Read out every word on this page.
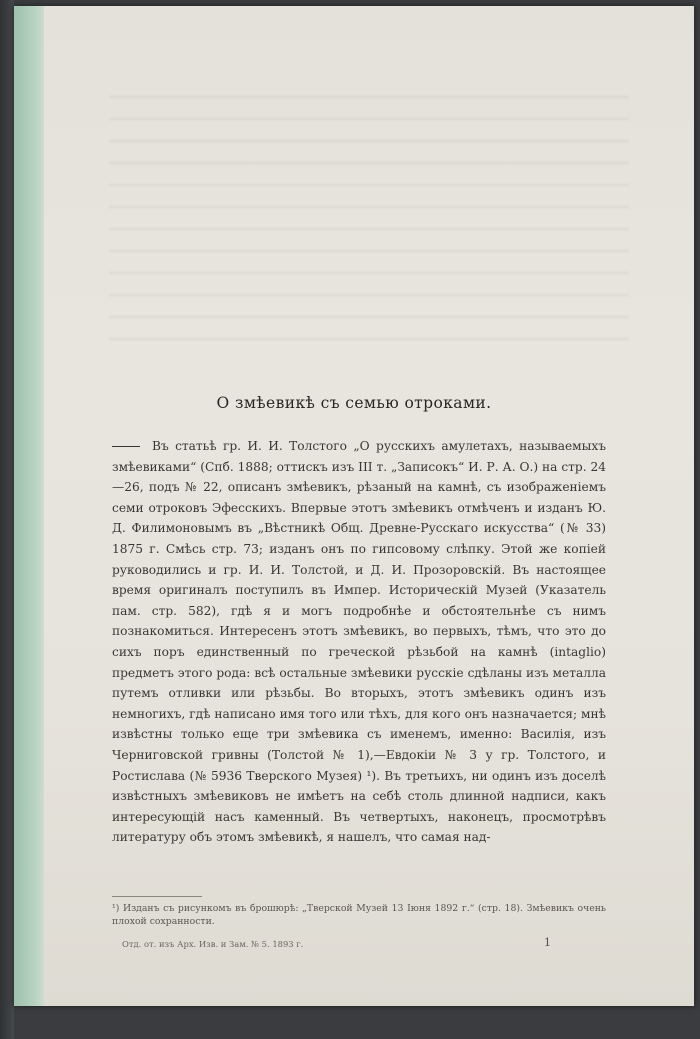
О змѣевикѣ съ семью отроками.
Въ статьѣ гр. И. И. Толстого „О русскихъ амулетахъ, называемыхъ змѣевиками“ (Спб. 1888; оттискъ изъ III т. „Записокъ“ И. Р. А. О.) на стр. 24—26, подъ № 22, описанъ змѣевикъ, рѣзаный на камнѣ, съ изображеніемъ семи отроковъ Эфесскихъ. Впервые этотъ змѣевикъ отмѣченъ и изданъ Ю. Д. Филимоновымъ въ „Вѣстникѣ Общ. Древне-Русскаго искусства“ (№ 33) 1875 г. Смѣсь стр. 73; изданъ онъ по гипсовому слѣпку. Этой же копіей руководились и гр. И. И. Толстой, и Д. И. Прозоровскій. Въ настоящее время оригиналъ поступилъ въ Импер. Историческій Музей (Указатель пам. стр. 582), гдѣ я и могъ подробнѣе и обстоятельнѣе съ нимъ познакомиться. Интересенъ этотъ змѣевикъ, во первыхъ, тѣмъ, что это до сихъ поръ единственный по греческой рѣзьбой на камнѣ (intaglio) предметъ этого рода: всѣ остальные змѣевики русскіе сдѣланы изъ металла путемъ отливки или рѣзьбы. Во вторыхъ, этотъ змѣевикъ одинъ изъ немногихъ, гдѣ написано имя того или тѣхъ, для кого онъ назначается; мнѣ извѣстны только еще три змѣевика съ именемъ, именно: Василія, изъ Черниговской гривны (Толстой № 1),—Евдокіи № 3 у гр. Толстого, и Ростислава (№ 5936 Тверского Музея) ¹). Въ третьихъ, ни одинъ изъ доселѣ извѣстныхъ змѣевиковъ не имѣетъ на себѣ столь длинной надписи, какъ интересующій насъ каменный. Въ четвертыхъ, наконецъ, просмотрѣвъ литературу объ этомъ змѣевикѣ, я нашелъ, что самая над-
¹) Изданъ съ рисункомъ въ брошюрѣ: „Тверской Музей 13 Іюня 1892 г.“ (стр. 18). Змѣевикъ очень плохой сохранности.
Отд. от. изъ Арх. Изв. и Зам. № 5. 1893 г.	1
